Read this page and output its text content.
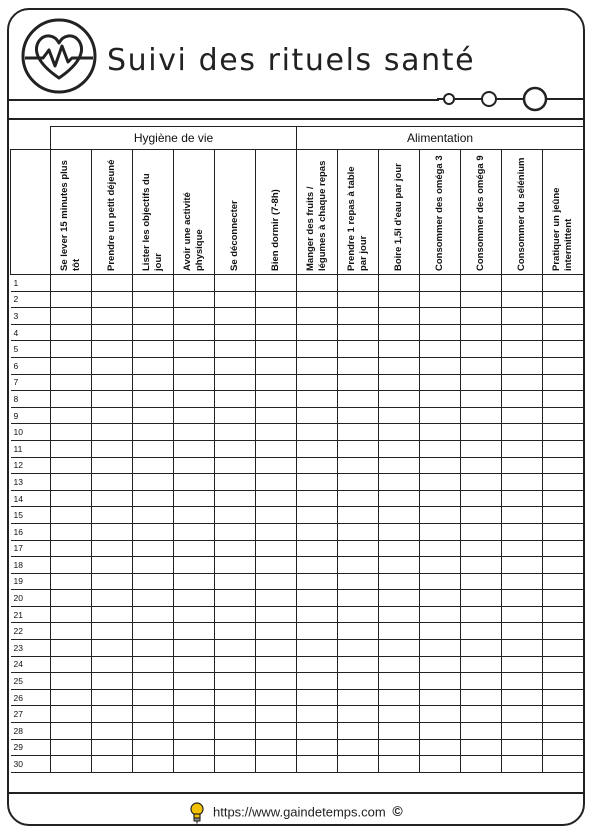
Suivi des rituels santé
	Hygiène de vie						Alimentation						

	Se lever 15 minutes plus tôt	Prendre un petit déjeuné	Lister les objectifs du jour	Avoir une activité physique	Se déconnecter	Bien dormir (7-8h)	Manger des fruits / légumes à chaque repas	Prendre 1 repas à table par jour	Boire 1,5l d'eau par jour	Consommer des oméga 3	Consommer des oméga 9	Consommer du sélénium	Pratiquer un jeûne intermittent

1													
2													
3													
4													
5													
6													
7													
8													
9													
10													
11													
12													
13													
14													
15													
16													
17													
18													
19													
20													
21													
22													
23													
24													
25													
26													
27													
28													
29													
30													
https://www.gaindetemps.com ©
